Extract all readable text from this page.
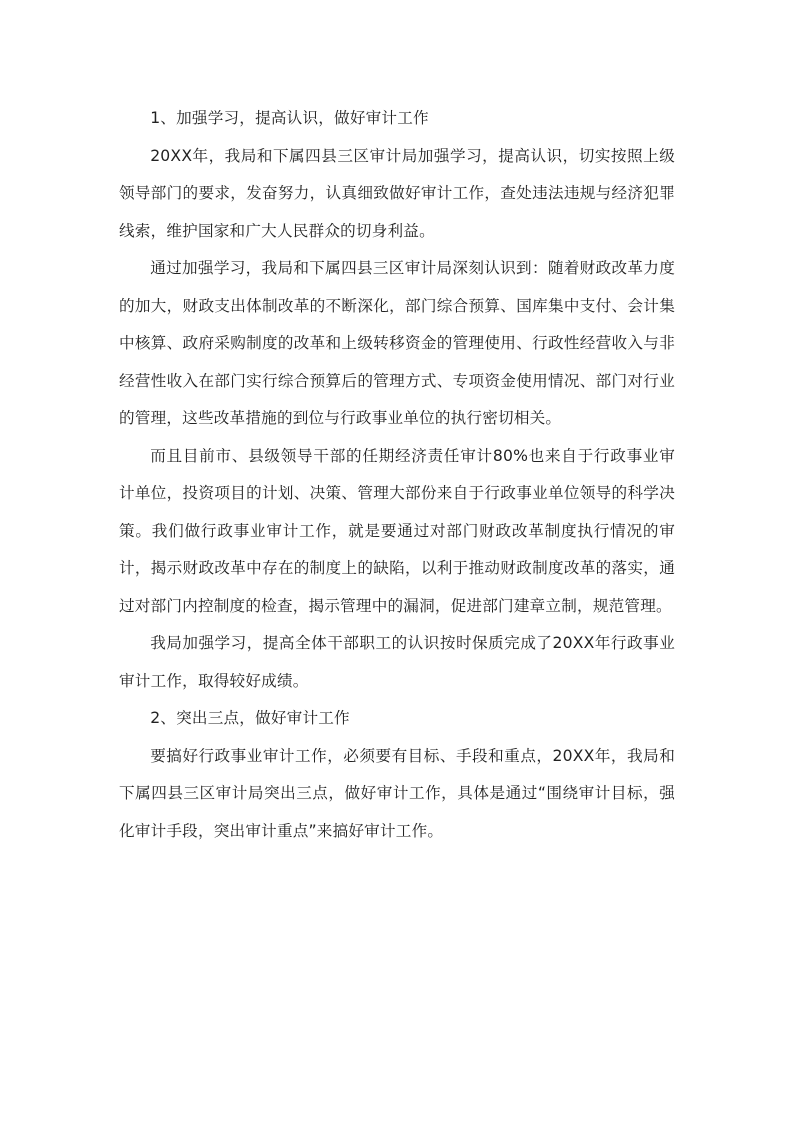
1、加强学习，提高认识，做好审计工作

20XX年，我局和下属四县三区审计局加强学习，提高认识，切实按照上级领导部门的要求，发奋努力，认真细致做好审计工作，查处违法违规与经济犯罪线索，维护国家和广大人民群众的切身利益。

通过加强学习，我局和下属四县三区审计局深刻认识到：随着财政改革力度的加大，财政支出体制改革的不断深化，部门综合预算、国库集中支付、会计集中核算、政府采购制度的改革和上级转移资金的管理使用、行政性经营收入与非经营性收入在部门实行综合预算后的管理方式、专项资金使用情况、部门对行业的管理，这些改革措施的到位与行政事业单位的执行密切相关。

而且目前市、县级领导干部的任期经济责任审计80%也来自于行政事业审计单位，投资项目的计划、决策、管理大部份来自于行政事业单位领导的科学决策。我们做行政事业审计工作，就是要通过对部门财政改革制度执行情况的审计，揭示财政改革中存在的制度上的缺陷，以利于推动财政制度改革的落实，通过对部门内控制度的检查，揭示管理中的漏洞，促进部门建章立制，规范管理。

我局加强学习，提高全体干部职工的认识按时保质完成了20XX年行政事业审计工作，取得较好成绩。

2、突出三点，做好审计工作

要搞好行政事业审计工作，必须要有目标、手段和重点，20XX年，我局和下属四县三区审计局突出三点，做好审计工作，具体是通过“围绕审计目标，强化审计手段，突出审计重点”来搞好审计工作。
